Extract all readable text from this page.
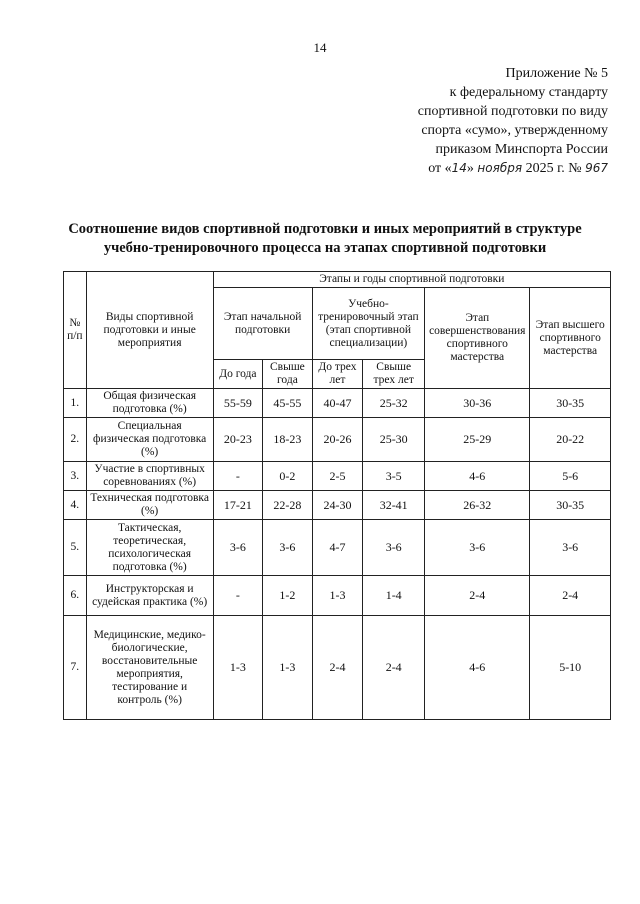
14
Приложение № 5
к федеральному стандарту
спортивной подготовки по виду
спорта «сумо», утвержденному
приказом Минспорта России
от «14» ноября 2025 г. № 967
Соотношение видов спортивной подготовки и иных мероприятий в структуре
учебно-тренировочного процесса на этапах спортивной подготовки
№ п/п	Виды спортивной подготовки и иные мероприятия	Этапы и годы спортивной подготовки					
		Этап начальной подготовки		Учебно-тренировочный этап (этап спортивной специализации)		Этап совершенствования спортивного мастерства	Этап высшего спортивного мастерства
		До года	Свыше года	До трех лет	Свыше трех лет		
1.	Общая физическая подготовка (%)	55-59	45-55	40-47	25-32	30-36	30-35
2.	Специальная физическая подготовка (%)	20-23	18-23	20-26	25-30	25-29	20-22
3.	Участие в спортивных соревнованиях (%)	-	0-2	2-5	3-5	4-6	5-6
4.	Техническая подготовка (%)	17-21	22-28	24-30	32-41	26-32	30-35
5.	Тактическая, теоретическая, психологическая подготовка (%)	3-6	3-6	4-7	3-6	3-6	3-6
6.	Инструкторская и судейская практика (%)	-	1-2	1-3	1-4	2-4	2-4
7.	Медицинские, медико-биологические, восстановительные мероприятия, тестирование и контроль (%)	1-3	1-3	2-4	2-4	4-6	5-10
